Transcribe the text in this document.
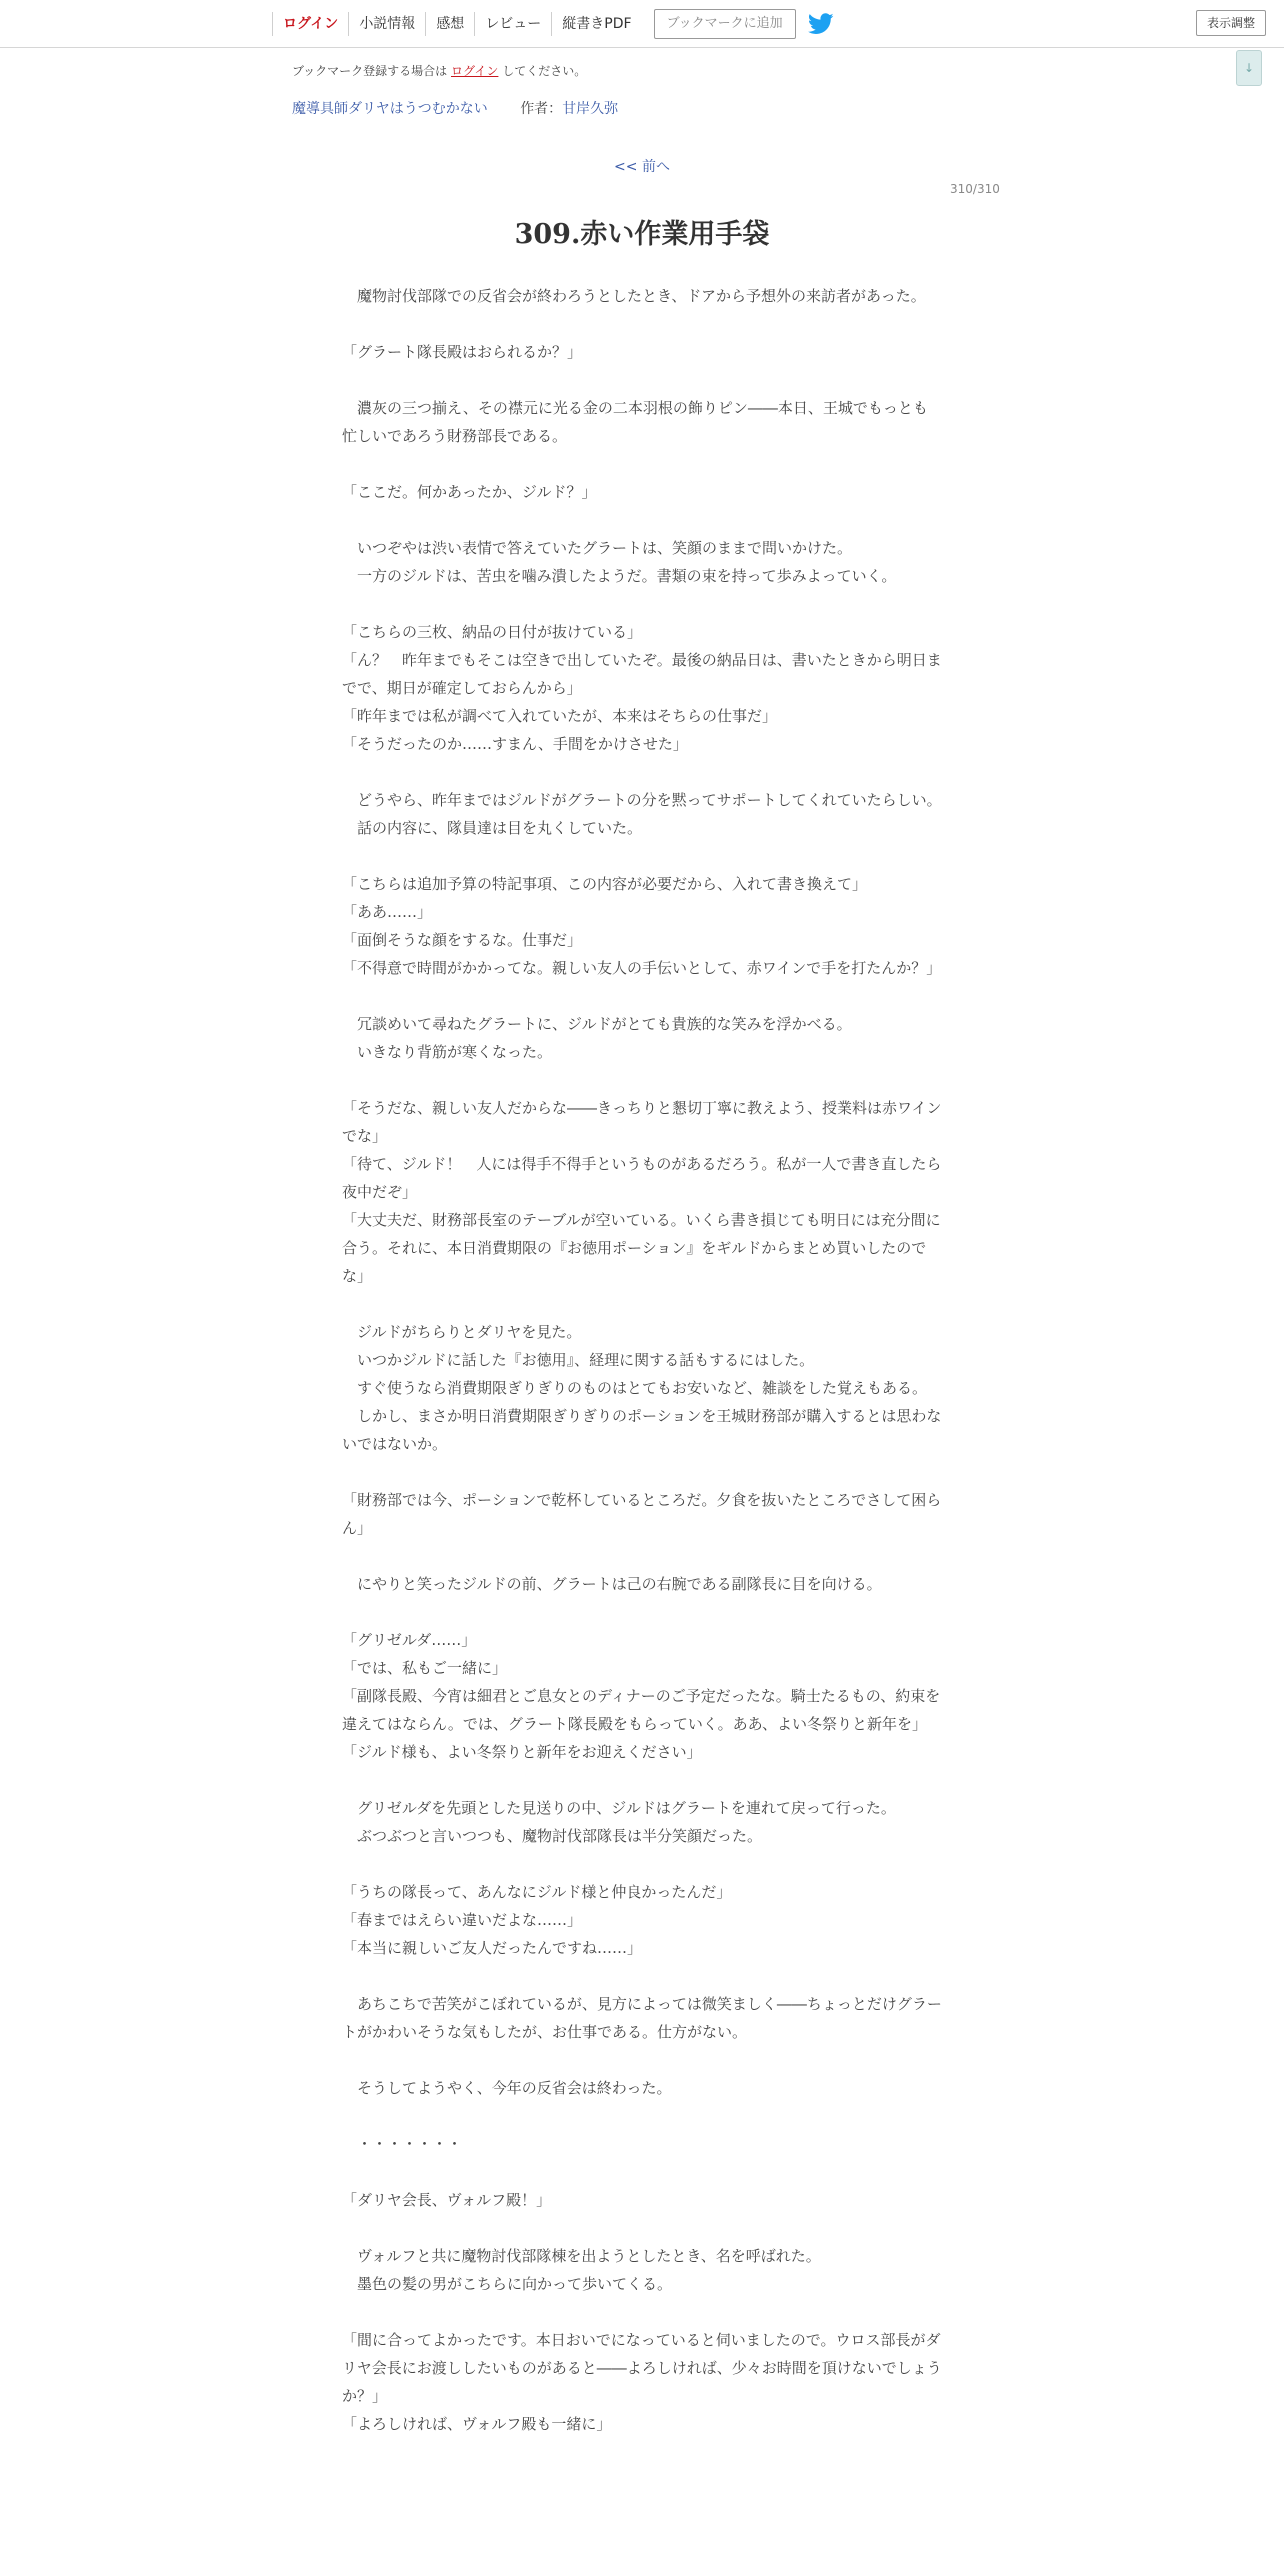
ログイン	小説情報	感想	レビュー	縦書きPDF	ブックマークに追加	表示調整
↓
ブックマーク登録する場合は ログイン してください。
魔導具師ダリヤはうつむかない 作者：甘岸久弥
<< 前へ
310/310
309.赤い作業用手袋

　魔物討伐部隊での反省会が終わろうとしたとき、ドアから予想外の来訪者があった。

「グラート隊長殿はおられるか？」

　濃灰の三つ揃え、その襟元に光る金の二本羽根の飾りピン――本日、王城でもっとも忙しいであろう財務部長である。

「ここだ。何かあったか、ジルド？」

　いつぞやは渋い表情で答えていたグラートは、笑顔のままで問いかけた。

　一方のジルドは、苦虫を噛み潰したようだ。書類の束を持って歩みよっていく。

「こちらの三枚、納品の日付が抜けている」

「ん？　昨年までもそこは空きで出していたぞ。最後の納品日は、書いたときから明日までで、期日が確定しておらんから」

「昨年までは私が調べて入れていたが、本来はそちらの仕事だ」

「そうだったのか……すまん、手間をかけさせた」

　どうやら、昨年まではジルドがグラートの分を黙ってサポートしてくれていたらしい。

　話の内容に、隊員達は目を丸くしていた。

「こちらは追加予算の特記事項、この内容が必要だから、入れて書き換えて」

「ああ……」

「面倒そうな顔をするな。仕事だ」

「不得意で時間がかかってな。親しい友人の手伝いとして、赤ワインで手を打たんか？」

　冗談めいて尋ねたグラートに、ジルドがとても貴族的な笑みを浮かべる。

　いきなり背筋が寒くなった。

「そうだな、親しい友人だからな――きっちりと懇切丁寧に教えよう、授業料は赤ワインでな」

「待て、ジルド！　人には得手不得手というものがあるだろう。私が一人で書き直したら夜中だぞ」

「大丈夫だ、財務部長室のテーブルが空いている。いくら書き損じても明日には充分間に合う。それに、本日消費期限の『お徳用ポーション』をギルドからまとめ買いしたのでな」

　ジルドがちらりとダリヤを見た。

　いつかジルドに話した『お徳用』、経理に関する話もするにはした。

　すぐ使うなら消費期限ぎりぎりのものはとてもお安いなど、雑談をした覚えもある。

　しかし、まさか明日消費期限ぎりぎりのポーションを王城財務部が購入するとは思わないではないか。

「財務部では今、ポーションで乾杯しているところだ。夕食を抜いたところでさして困らん」

　にやりと笑ったジルドの前、グラートは己の右腕である副隊長に目を向ける。

「グリゼルダ……」

「では、私もご一緒に」

「副隊長殿、今宵は細君とご息女とのディナーのご予定だったな。騎士たるもの、約束を違えてはならん。では、グラート隊長殿をもらっていく。ああ、よい冬祭りと新年を」

「ジルド様も、よい冬祭りと新年をお迎えください」

　グリゼルダを先頭とした見送りの中、ジルドはグラートを連れて戻って行った。

　ぶつぶつと言いつつも、魔物討伐部隊長は半分笑顔だった。

「うちの隊長って、あんなにジルド様と仲良かったんだ」

「春まではえらい違いだよな……」

「本当に親しいご友人だったんですね……」

　あちこちで苦笑がこぼれているが、見方によっては微笑ましく――ちょっとだけグラートがかわいそうな気もしたが、お仕事である。仕方がない。

　そうしてようやく、今年の反省会は終わった。

　・・・・・・・

「ダリヤ会長、ヴォルフ殿！」

　ヴォルフと共に魔物討伐部隊棟を出ようとしたとき、名を呼ばれた。

　墨色の髪の男がこちらに向かって歩いてくる。

「間に合ってよかったです。本日おいでになっていると伺いましたので。ウロス部長がダリヤ会長にお渡ししたいものがあると――よろしければ、少々お時間を頂けないでしょうか？」

「よろしければ、ヴォルフ殿も一緒に」
